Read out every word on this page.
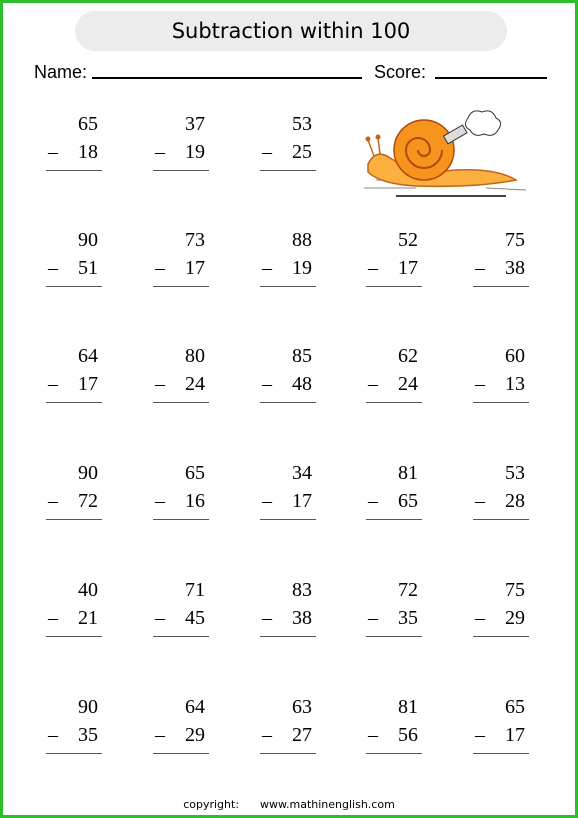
Subtraction within 100
Name:	Score:
65
– 18
37
– 19
53
– 25
90
– 51
73
– 17
88
– 19
52
– 17
75
– 38
64
– 17
80
– 24
85
– 48
62
– 24
60
– 13
90
– 72
65
– 16
34
– 17
81
– 65
53
– 28
40
– 21
71
– 45
83
– 38
72
– 35
75
– 29
90
– 35
64
– 29
63
– 27
81
– 56
65
– 17
copyright: www.mathinenglish.com
